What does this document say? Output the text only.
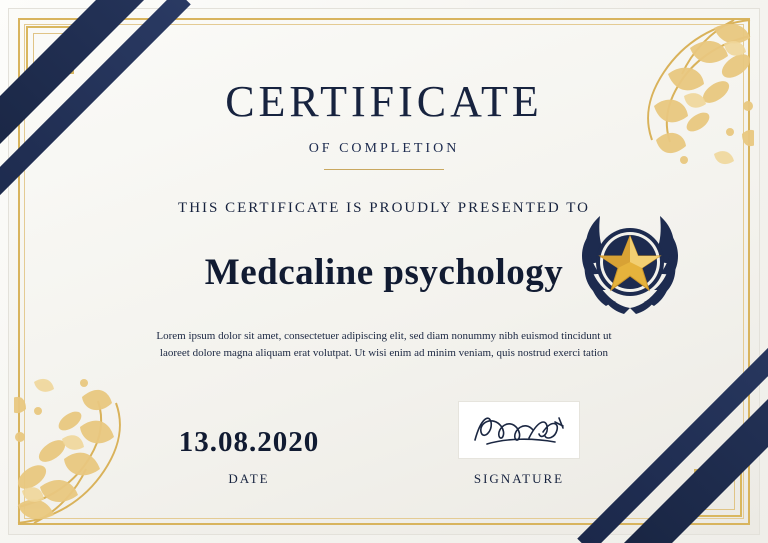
CERTIFICATE
OF COMPLETION
THIS CERTIFICATE IS PROUDLY PRESENTED TO
Medcaline psychology
Lorem ipsum dolor sit amet, consectetuer adipiscing elit, sed diam nonummy nibh euismod tincidunt ut laoreet dolore magna aliquam erat volutpat. Ut wisi enim ad minim veniam, quis nostrud exerci tation
13.08.2020
DATE	SIGNATURE
